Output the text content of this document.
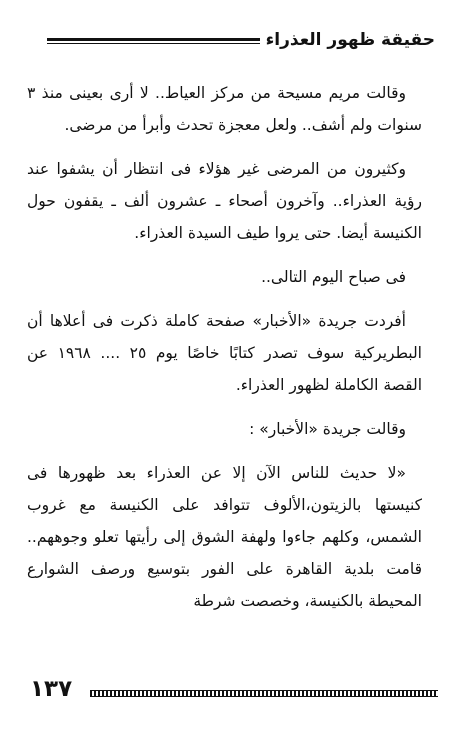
حقيقة ظهور العذراء

وقالت مريم مسيحة من مركز العياط.. لا أرى بعينى منذ ٣ سنوات ولم أشف.. ولعل معجزة تحدث وأبرأ من مرضى.

وكثيرون من المرضى غير هؤلاء فى انتظار أن يشفوا عند رؤية العذراء.. وآخرون أصحاء ـ عشرون ألف ـ يقفون حول الكنيسة أيضا. حتى يروا طيف السيدة العذراء.

فى صباح اليوم التالى..

أفردت جريدة «الأخبار» صفحة كاملة ذكرت فى أعلاها أن البطريركية سوف تصدر كتابًا خاصًا يوم ٢٥ .... ١٩٦٨ عن القصة الكاملة لظهور العذراء.

وقالت جريدة «الأخبار» :

«لا حديث للناس الآن إلا عن العذراء بعد ظهورها فى كنيستها بالزيتون،الألوف تتوافد على الكنيسة مع غروب الشمس، وكلهم جاءوا ولهفة الشوق إلى رأيتها تعلو وجوههم.. قامت بلدية القاهرة على الفور بتوسيع ورصف الشوارع المحيطة بالكنيسة، وخصصت شرطة

١٣٧
